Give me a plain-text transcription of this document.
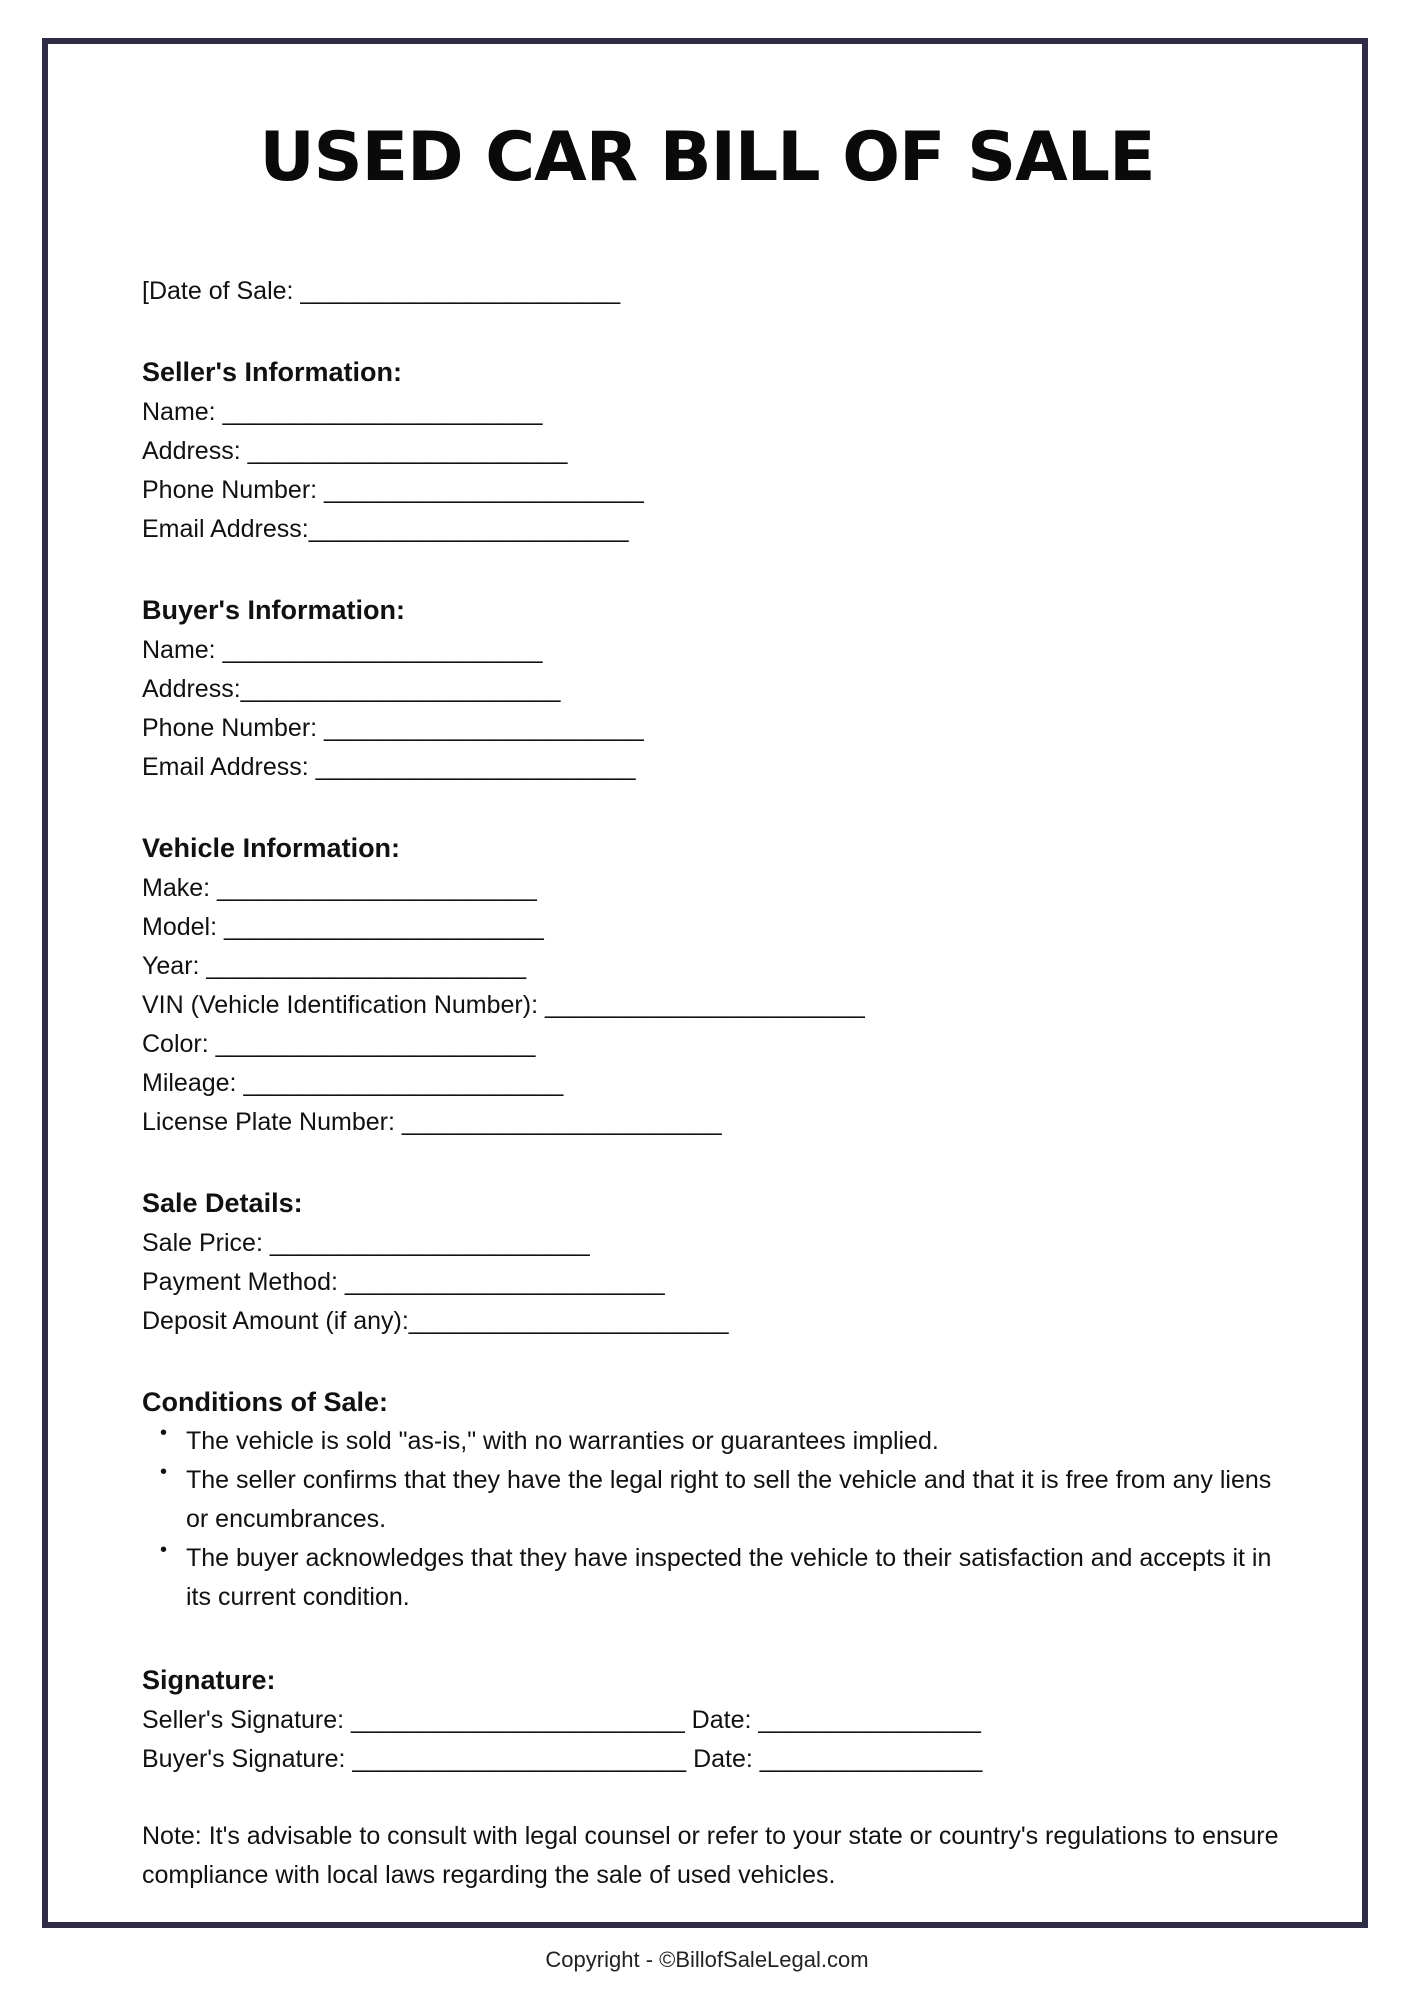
USED CAR BILL OF SALE
[Date of Sale: _______________________
Seller's Information:
Name: _______________________
Address: _______________________
Phone Number: _______________________
Email Address:_______________________
Buyer's Information:
Name: _______________________
Address:_______________________
Phone Number: _______________________
Email Address: _______________________
Vehicle Information:
Make: _______________________
Model: _______________________
Year: _______________________
VIN (Vehicle Identification Number): _______________________
Color: _______________________
Mileage: _______________________
License Plate Number: _______________________
Sale Details:
Sale Price: _______________________
Payment Method: _______________________
Deposit Amount (if any):_______________________
Conditions of Sale:
• The vehicle is sold "as-is," with no warranties or guarantees implied.
• The seller confirms that they have the legal right to sell the vehicle and that it is free from any liens or encumbrances.
• The buyer acknowledges that they have inspected the vehicle to their satisfaction and accepts it in its current condition.
Signature:
Seller's Signature: ________________________ Date: ________________
Buyer's Signature: ________________________ Date: ________________
Note: It's advisable to consult with legal counsel or refer to your state or country's regulations to ensure compliance with local laws regarding the sale of used vehicles.
Copyright - ©BillofSaleLegal.com
